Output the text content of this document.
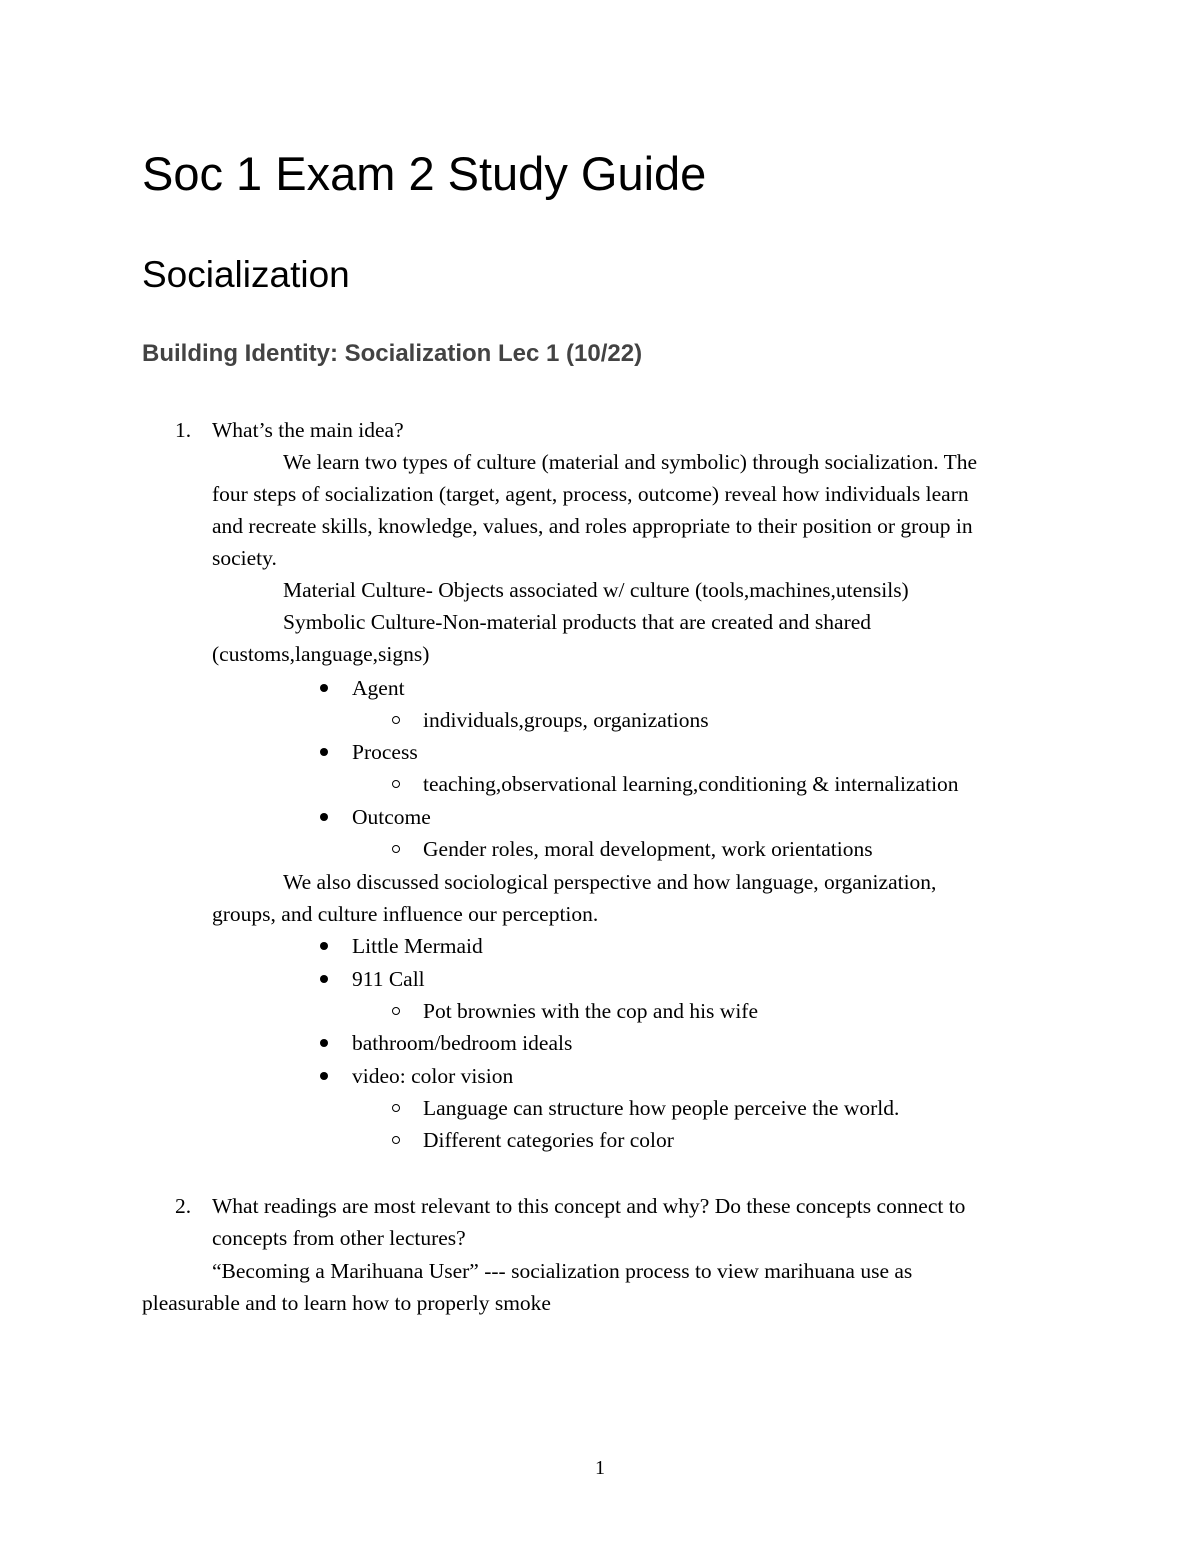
Soc 1 Exam 2 Study Guide
Socialization
Building Identity: Socialization Lec 1 (10/22)
1. What’s the main idea?
We learn two types of culture (material and symbolic) through socialization. The
four steps of socialization (target, agent, process, outcome) reveal how individuals learn
and recreate skills, knowledge, values, and roles appropriate to their position or group in
society.
Material Culture- Objects associated w/ culture (tools,machines,utensils)
Symbolic Culture-Non-material products that are created and shared
(customs,language,signs)
Agent
individuals,groups, organizations
Process
teaching,observational learning,conditioning & internalization
Outcome
Gender roles, moral development, work orientations
We also discussed sociological perspective and how language, organization,
groups, and culture influence our perception.
Little Mermaid
911 Call
Pot brownies with the cop and his wife
bathroom/bedroom ideals
video: color vision
Language can structure how people perceive the world.
Different categories for color
2. What readings are most relevant to this concept and why? Do these concepts connect to
concepts from other lectures?
“Becoming a Marihuana User” --- socialization process to view marihuana use as
pleasurable and to learn how to properly smoke
1
